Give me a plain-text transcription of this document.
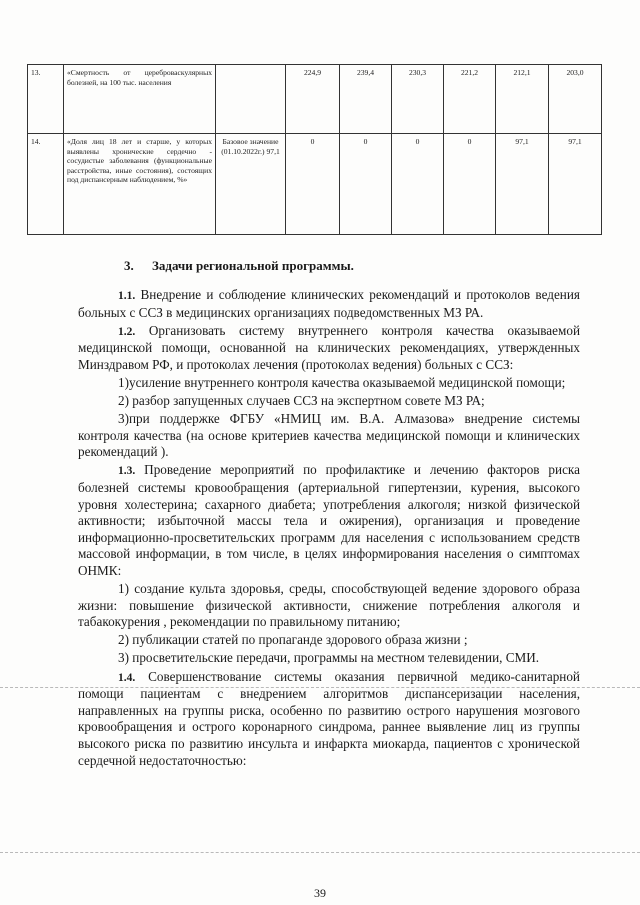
13.	«Смертность от цереброваскулярных болезней, на 100 тыс. населения		224,9	239,4	230,3	221,2	212,1	203,0
14.	«Доля лиц 18 лет и старше, у которых выявлены хронические сердечно - сосудистые заболевания (функциональные расстройства, иные состояния), состоящих под диспансерным наблюдением, %»	Базовое значение (01.10.2022г.) 97,1	0	0	0	0	97,1	97,1
3. Задачи региональной программы.

1.1. Внедрение и соблюдение клинических рекомендаций и протоколов ведения больных с ССЗ в медицинских организациях подведомственных МЗ РА.

1.2. Организовать систему внутреннего контроля качества оказываемой медицинской помощи, основанной на клинических рекомендациях, утвержденных Минздравом РФ, и протоколах лечения (протоколах ведения) больных с ССЗ:

1)усиление внутреннего контроля качества оказываемой медицинской помощи;

2) разбор запущенных случаев ССЗ на экспертном совете МЗ РА;

3)при поддержке ФГБУ «НМИЦ им. В.А. Алмазова» внедрение системы контроля качества (на основе критериев качества медицинской помощи и клинических рекомендаций ).

1.3. Проведение мероприятий по профилактике и лечению факторов риска болезней системы кровообращения (артериальной гипертензии, курения, высокого уровня холестерина; сахарного диабета; употребления алкоголя; низкой физической активности; избыточной массы тела и ожирения), организация и проведение информационно-просветительских программ для населения с использованием средств массовой информации, в том числе, в целях информирования населения о симптомах ОНМК:

1) создание культа здоровья, среды, способствующей ведение здорового образа жизни: повышение физической активности, снижение потребления алкоголя и табакокурения , рекомендации по правильному питанию;

2) публикации статей по пропаганде здорового образа жизни ;

3) просветительские передачи, программы на местном телевидении, СМИ.

1.4. Совершенствование системы оказания первичной медико-санитарной помощи пациентам с внедрением алгоритмов диспансеризации населения, направленных на группы риска, особенно по развитию острого нарушения мозгового кровообращения и острого коронарного синдрома, раннее выявление лиц из группы высокого риска по развитию инсульта и инфаркта миокарда, пациентов с хронической сердечной недостаточностью:

39
